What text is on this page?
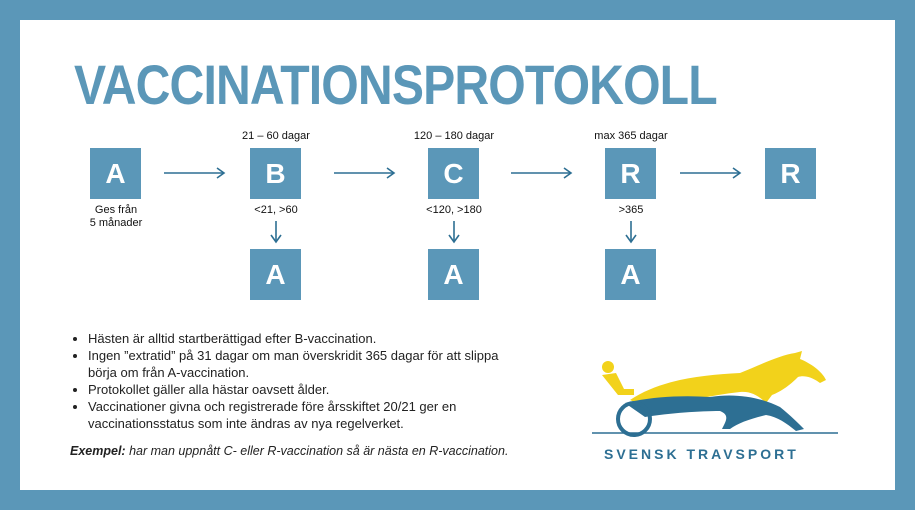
VACCINATIONSPROTOKOLL
A	B	C	R	R
A	A	A
21 – 60 dagar	120 – 180 dagar	max 365 dagar
Ges från
5 månader
<21, >60	<120, >180	>365
• Hästen är alltid startberättigad efter B-vaccination.
• Ingen ”extratid” på 31 dagar om man överskridit 365 dagar för att slippa börja om från A-vaccination.
• Protokollet gäller alla hästar oavsett ålder.
• Vaccinationer givna och registrerade före årsskiftet 20/21 ger en vaccinationsstatus som inte ändras av nya regelverket.
Exempel: har man uppnått C- eller R-vaccination så är nästa en R-vaccination.	SVENSK TRAVSPORT
